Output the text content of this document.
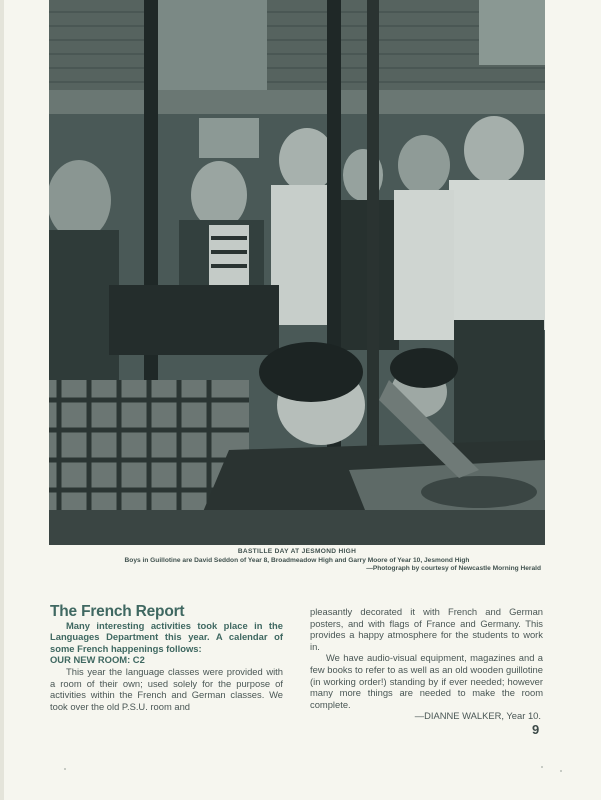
BASTILLE DAY AT JESMOND HIGH
Boys in Guillotine are David Seddon of Year 8, Broadmeadow High and Garry Moore of Year 10, Jesmond High
—Photograph by courtesy of Newcastle Morning Herald
The French Report

Many interesting activities took place in the Languages Department this year. A calendar of some French happenings follows:

OUR NEW ROOM: C2

This year the language classes were provided with a room of their own; used solely for the purpose of activities within the French and German classes. We took over the old P.S.U. room and

pleasantly decorated it with French and German posters, and with flags of France and Germany. This provides a happy atmosphere for the students to work in.

We have audio-visual equipment, magazines and a few books to refer to as well as an old wooden guillotine (in working order!) standing by if ever needed; however many more things are needed to make the room complete.

—DIANNE WALKER, Year 10.

9
